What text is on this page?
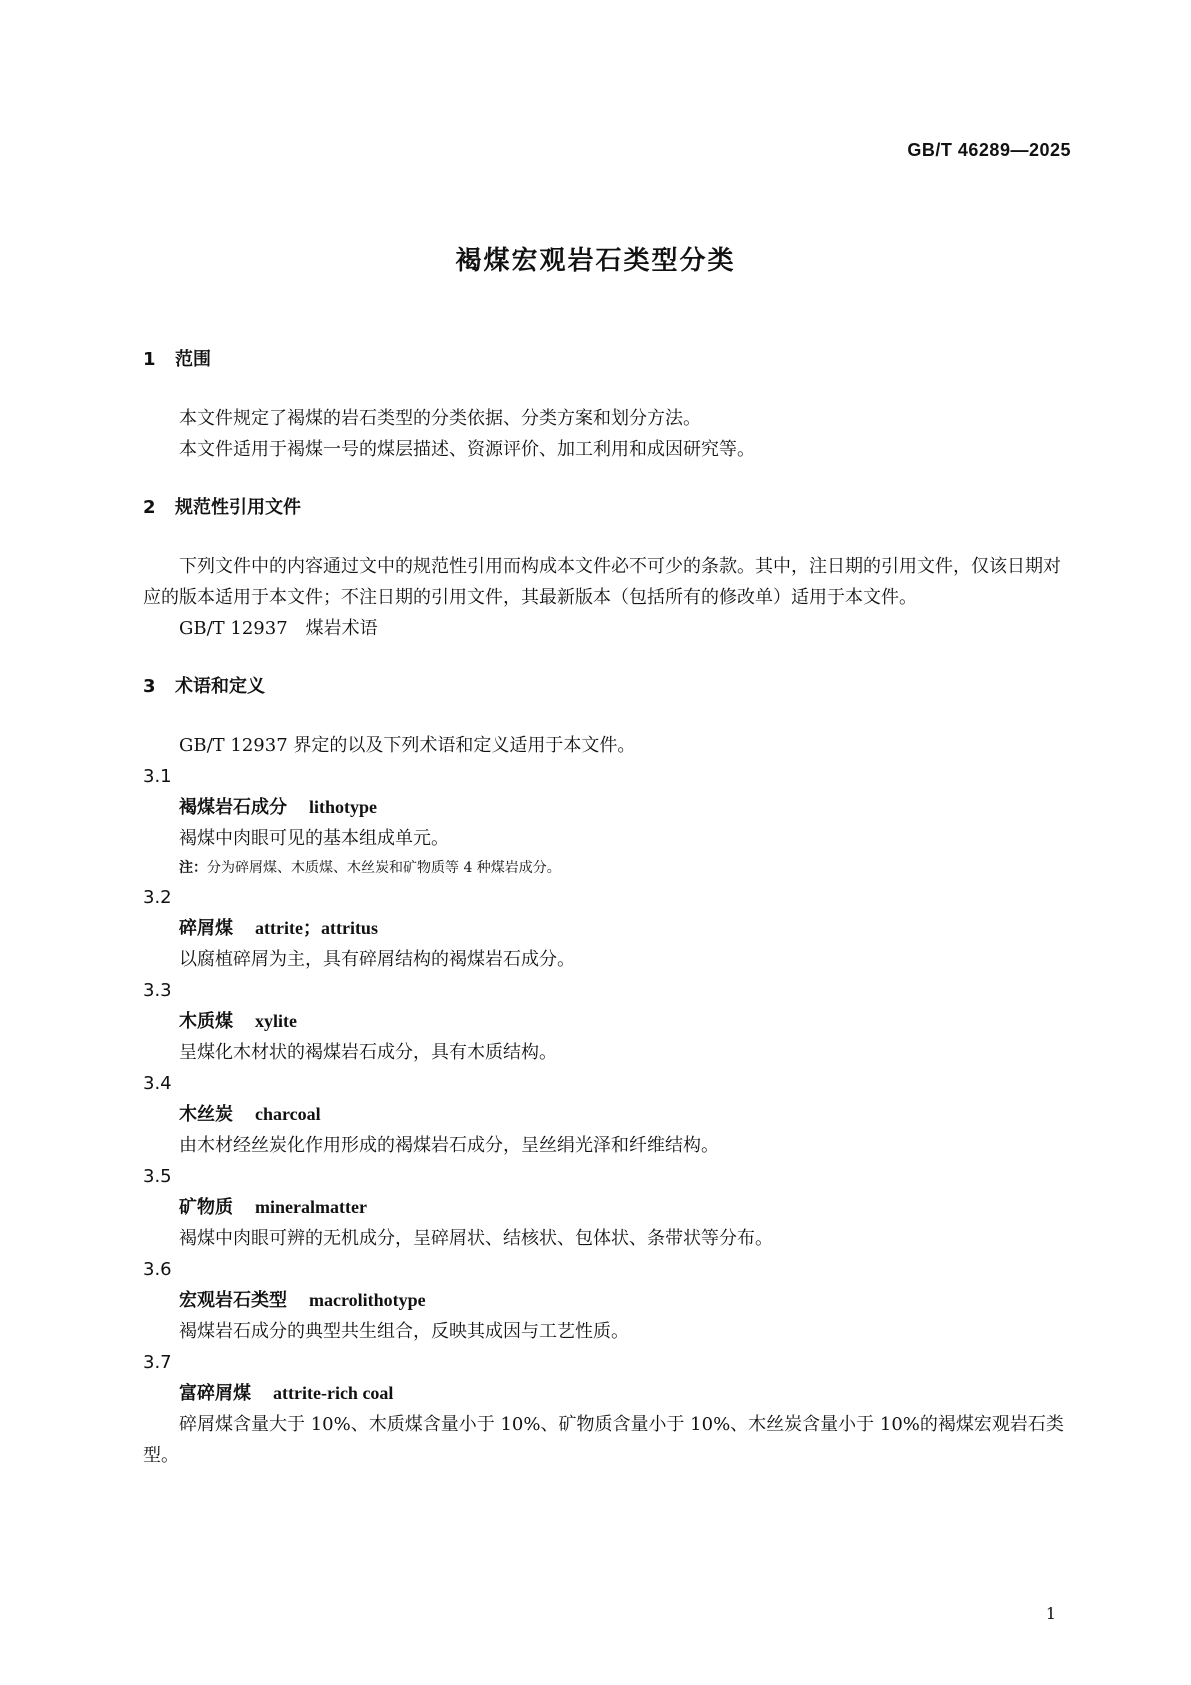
GB/T 46289—2025
褐煤宏观岩石类型分类

1 范围

本文件规定了褐煤的岩石类型的分类依据、分类方案和划分方法。

本文件适用于褐煤一号的煤层描述、资源评价、加工利用和成因研究等。

2 规范性引用文件

下列文件中的内容通过文中的规范性引用而构成本文件必不可少的条款。其中，注日期的引用文件，仅该日期对应的版本适用于本文件；不注日期的引用文件，其最新版本（包括所有的修改单）适用于本文件。

GB/T 12937　煤岩术语

3 术语和定义

GB/T 12937 界定的以及下列术语和定义适用于本文件。

3.1

褐煤岩石成分 lithotype

褐煤中肉眼可见的基本组成单元。

注：分为碎屑煤、木质煤、木丝炭和矿物质等 4 种煤岩成分。

3.2

碎屑煤 attrite；attritus

以腐植碎屑为主，具有碎屑结构的褐煤岩石成分。

3.3

木质煤 xylite

呈煤化木材状的褐煤岩石成分，具有木质结构。

3.4

木丝炭 charcoal

由木材经丝炭化作用形成的褐煤岩石成分，呈丝绢光泽和纤维结构。

3.5

矿物质 mineralmatter

褐煤中肉眼可辨的无机成分，呈碎屑状、结核状、包体状、条带状等分布。

3.6

宏观岩石类型 macrolithotype

褐煤岩石成分的典型共生组合，反映其成因与工艺性质。

3.7

富碎屑煤 attrite-rich coal

碎屑煤含量大于 10%、木质煤含量小于 10%、矿物质含量小于 10%、木丝炭含量小于 10%的褐煤宏观岩石类型。

1
